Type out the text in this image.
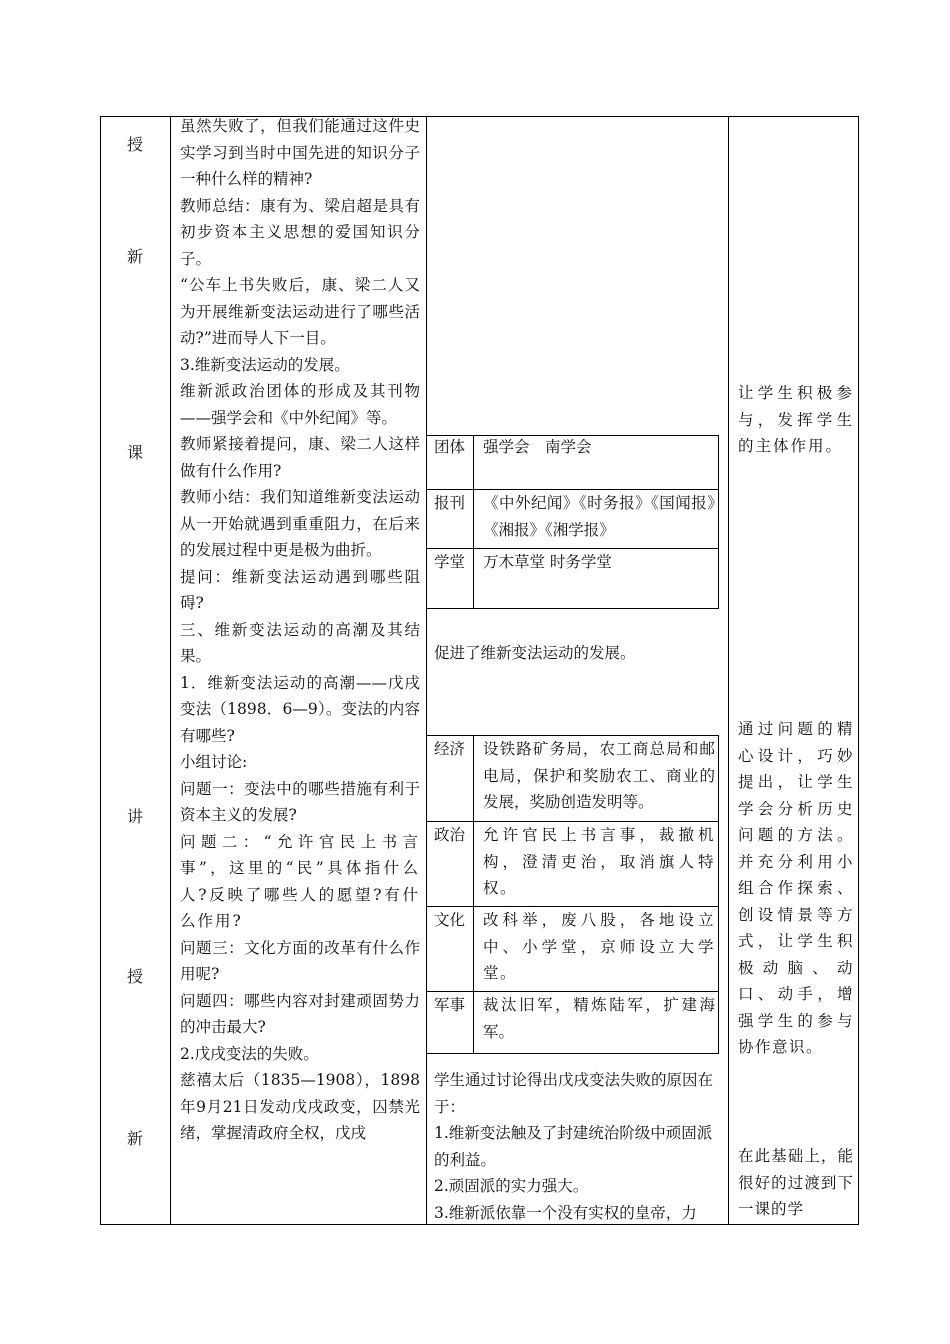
授
新
课
讲
授
新

虽然失败了，但我们能通过这件史实学习到当时中国先进的知识分子一种什么样的精神?

教师总结：康有为、梁启超是具有初步资本主义思想的爱国知识分子。

“公车上书失败后，康、梁二人又为开展维新变法运动进行了哪些活动?”进而导人下一目。

3.维新变法运动的发展。

维新派政治团体的形成及其刊物——强学会和《中外纪闻》等。

教师紧接着提问，康、梁二人这样做有什么作用?

教师小结：我们知道维新变法运动从一开始就遇到重重阻力，在后来的发展过程中更是极为曲折。

提问：维新变法运动遇到哪些阻碍?

三、维新变法运动的高潮及其结果。

1．维新变法运动的高潮——戊戌变法（1898．6—9）。变法的内容有哪些?

小组讨论:

问题一：变法中的哪些措施有利于资本主义的发展?

问题二：“允许官民上书言事”，这里的“民”具体指什么人?反映了哪些人的愿望?有什么作用?

问题三：文化方面的改革有什么作用呢?

问题四：哪些内容对封建顽固势力的冲击最大?

2.戊戌变法的失败。

慈禧太后（1835—1908），1898年9月21日发动戊戌政变，囚禁光绪，掌握清政府全权，戊戌

团体 强学会　南学会
报刊 《中外纪闻》《时务报》《国闻报》《湘报》《湘学报》
学堂 万木草堂 时务学堂
促进了维新变法运动的发展。
经济 设铁路矿务局，农工商总局和邮电局，保护和奖励农工、商业的发展，奖励创造发明等。
政治 允许官民上书言事，裁撤机构，澄清吏治，取消旗人特权。
文化 改科举，废八股，各地设立中、小学堂，京师设立大学堂。
军事 裁汰旧军，精炼陆军，扩建海军。
学生通过讨论得出戊戌变法失败的原因在于：
1.维新变法触及了封建统治阶级中顽固派的利益。
2.顽固派的实力强大。
3.维新派依靠一个没有实权的皇帝，力

让学生积极参与，发挥学生的主体作用。

通过问题的精心设计，巧妙提出，让学生学会分析历史问题的方法。并充分利用小组合作探索、创设情景等方式，让学生积极动脑、动口、动手，增强学生的参与协作意识。

在此基础上，能很好的过渡到下一课的学
